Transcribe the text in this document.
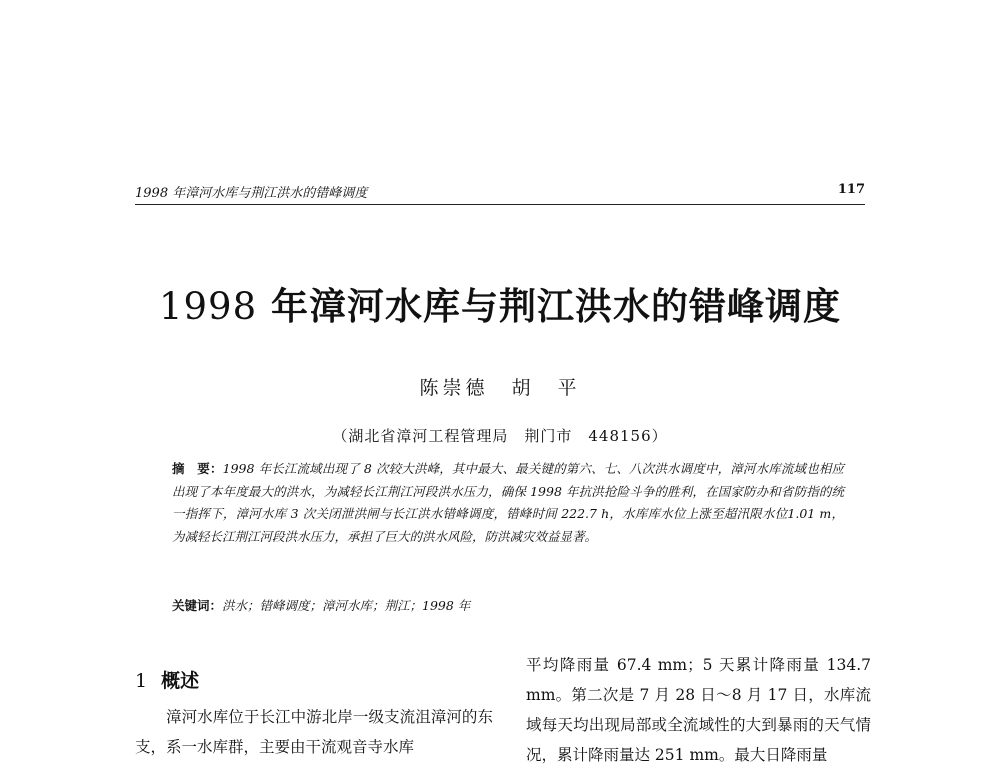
1998 年漳河水库与荆江洪水的错峰调度	117
1998 年漳河水库与荆江洪水的错峰调度
陈崇德　胡　平
（湖北省漳河工程管理局　荆门市　448156）
摘　要：1998 年长江流域出现了 8 次较大洪峰，其中最大、最关键的第六、七、八次洪水调度中，漳河水库流域也相应出现了本年度最大的洪水，为减轻长江荆江河段洪水压力，确保 1998 年抗洪抢险斗争的胜利，在国家防办和省防指的统一指挥下，漳河水库 3 次关闭泄洪闸与长江洪水错峰调度，错峰时间 222.7 h，水库库水位上涨至超汛限水位1.01 m，为减轻长江荆江河段洪水压力，承担了巨大的洪水风险，防洪减灾效益显著。
关键词：洪水；错峰调度；漳河水库；荆江；1998 年
1 概述

漳河水库位于长江中游北岸一级支流沮漳河的东支，系一水库群，主要由干流观音寺水库

平均降雨量 67.4 mm；5 天累计降雨量 134.7 mm。第二次是 7 月 28 日～8 月 17 日，水库流域每天均出现局部或全流域性的大到暴雨的天气情况，累计降雨量达 251 mm。最大日降雨量
